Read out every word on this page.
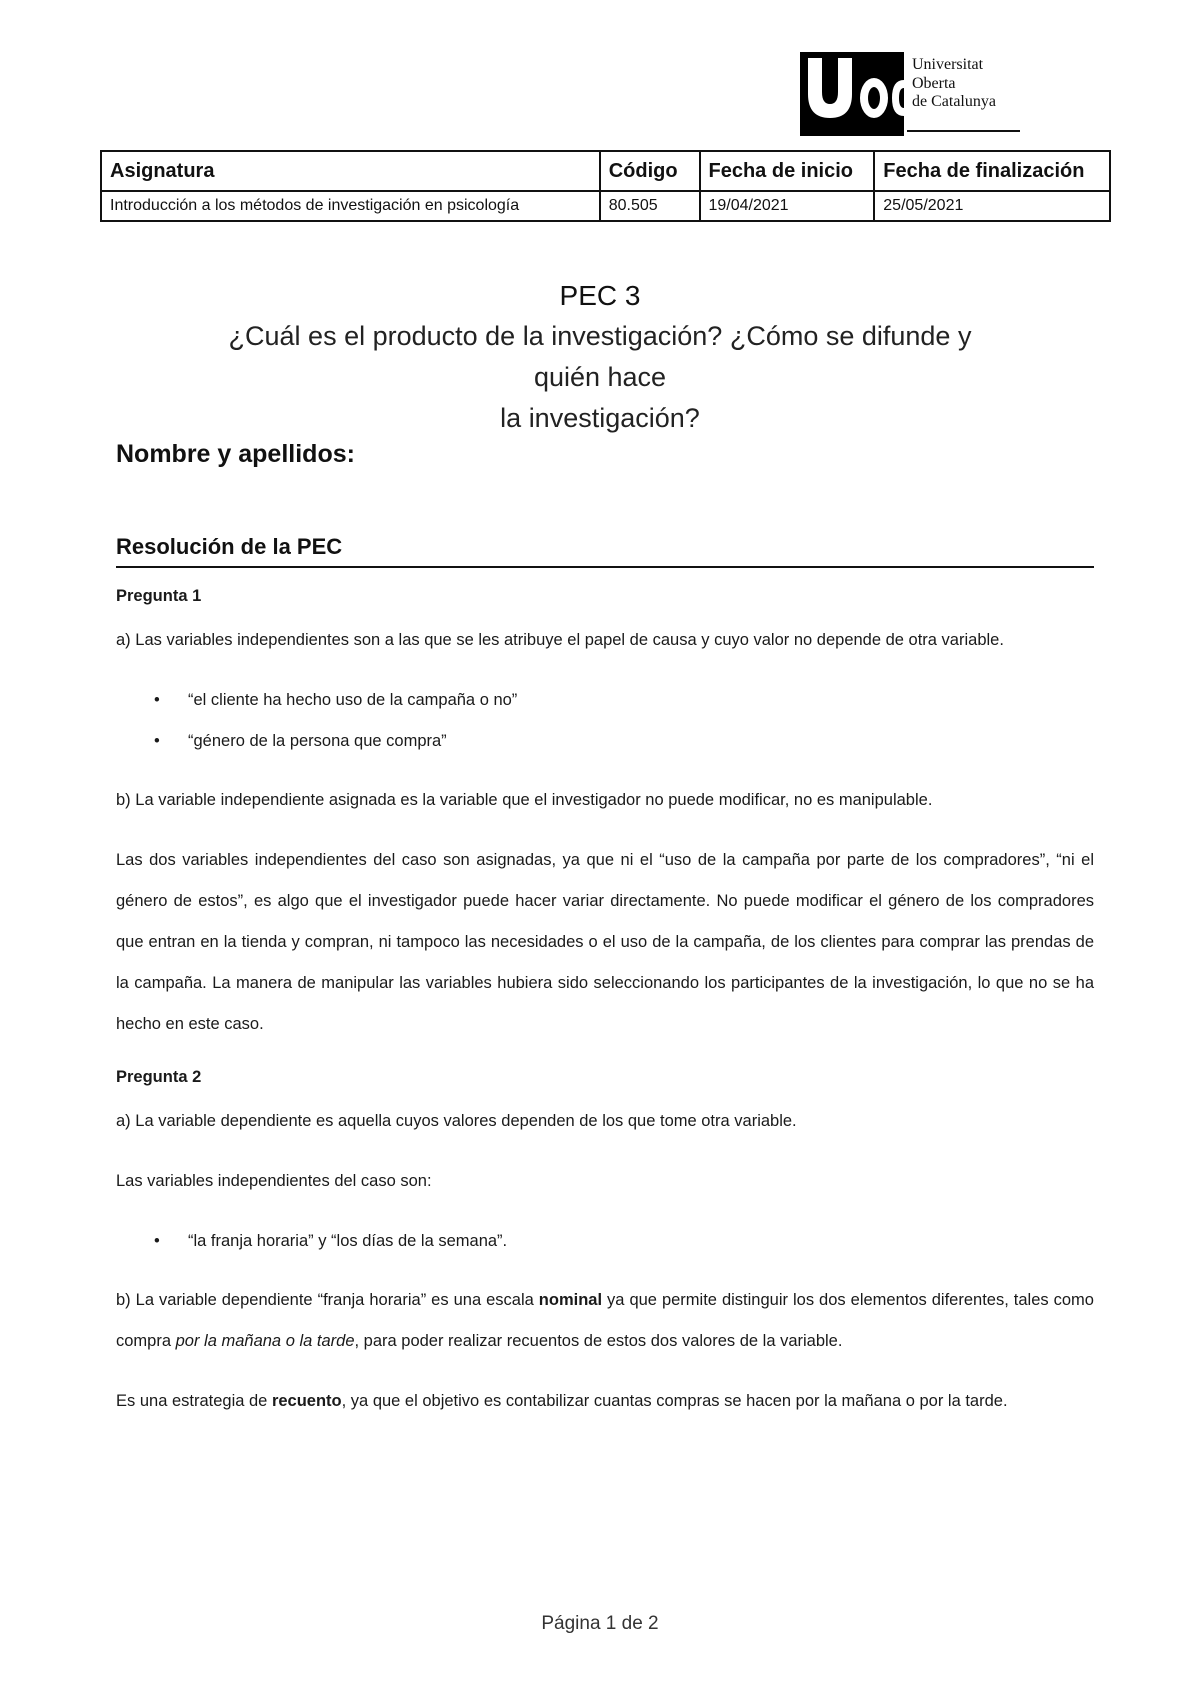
Universitat
Oberta
de Catalunya
Asignatura	Código	Fecha de inicio	Fecha de finalización
Introducción a los métodos de investigación en psicología	80.505	19/04/2021	25/05/2021
PEC 3
¿Cuál es el producto de la investigación? ¿Cómo se difunde y quién hace
la investigación?
Nombre y apellidos:
Resolución de la PEC

Pregunta 1

a) Las variables independientes son a las que se les atribuye el papel de causa y cuyo valor no depende de otra variable.

• “el cliente ha hecho uso de la campaña o no”
• “género de la persona que compra”

b) La variable independiente asignada es la variable que el investigador no puede modificar, no es manipulable.

Las dos variables independientes del caso son asignadas, ya que ni el “uso de la campaña por parte de los compradores”, “ni el género de estos”, es algo que el investigador puede hacer variar directamente. No puede modificar el género de los compradores que entran en la tienda y compran, ni tampoco las necesidades o el uso de la campaña, de los clientes para comprar las prendas de la campaña. La manera de manipular las variables hubiera sido seleccionando los participantes de la investigación, lo que no se ha hecho en este caso.

Pregunta 2

a) La variable dependiente es aquella cuyos valores dependen de los que tome otra variable.

Las variables independientes del caso son:

• “la franja horaria” y “los días de la semana”.

b) La variable dependiente “franja horaria” es una escala nominal ya que permite distinguir los dos elementos diferentes, tales como compra por la mañana o la tarde, para poder realizar recuentos de estos dos valores de la variable.

Es una estrategia de recuento, ya que el objetivo es contabilizar cuantas compras se hacen por la mañana o por la tarde.

Página 1 de 2
